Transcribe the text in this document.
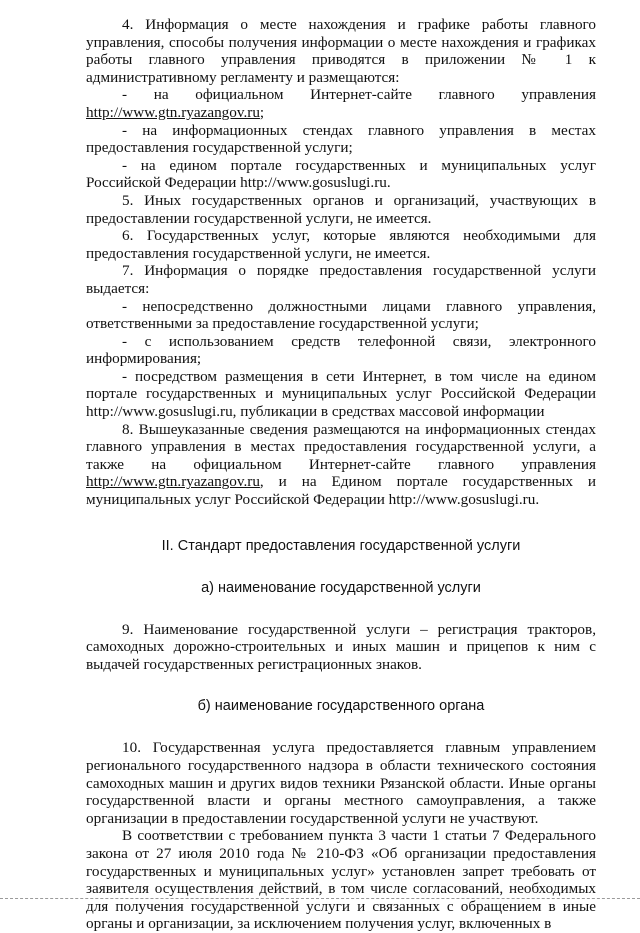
4. Информация о месте нахождения и графике работы главного управления, способы получения информации о месте нахождения и графиках работы главного управления приводятся в приложении № 1 к административному регламенту и размещаются:

- на официальном Интернет-сайте главного управления http://www.gtn.ryazangov.ru;

- на информационных стендах главного управления в местах предоставления государственной услуги;

- на едином портале государственных и муниципальных услуг Российской Федерации http://www.gosuslugi.ru.

5. Иных государственных органов и организаций, участвующих в предоставлении государственной услуги, не имеется.

6. Государственных услуг, которые являются необходимыми для предоставления государственной услуги, не имеется.

7. Информация о порядке предоставления государственной услуги выдается:

- непосредственно должностными лицами главного управления, ответственными за предоставление государственной услуги;

- с использованием средств телефонной связи, электронного информирования;

- посредством размещения в сети Интернет, в том числе на едином портале государственных и муниципальных услуг Российской Федерации http://www.gosuslugi.ru, публикации в средствах массовой информации

8. Вышеуказанные сведения размещаются на информационных стендах главного управления в местах предоставления государственной услуги, а также на официальном Интернет-сайте главного управления http://www.gtn.ryazangov.ru, и на Едином портале государственных и муниципальных услуг Российской Федерации http://www.gosuslugi.ru.

II. Стандарт предоставления государственной услуги

а) наименование государственной услуги

9. Наименование государственной услуги – регистрация тракторов, самоходных дорожно-строительных и иных машин и прицепов к ним с выдачей государственных регистрационных знаков.

б) наименование государственного органа

10. Государственная услуга предоставляется главным управлением регионального государственного надзора в области технического состояния самоходных машин и других видов техники Рязанской области. Иные органы государственной власти и органы местного самоуправления, а также организации в предоставлении государственной услуги не участвуют.

В соответствии с требованием пункта 3 части 1 статьи 7 Федерального закона от 27 июля 2010 года № 210-ФЗ «Об организации предоставления государственных и муниципальных услуг» установлен запрет требовать от заявителя осуществления действий, в том числе согласований, необходимых для получения государственной услуги и связанных с обращением в иные органы и организации, за исключением получения услуг, включенных в
